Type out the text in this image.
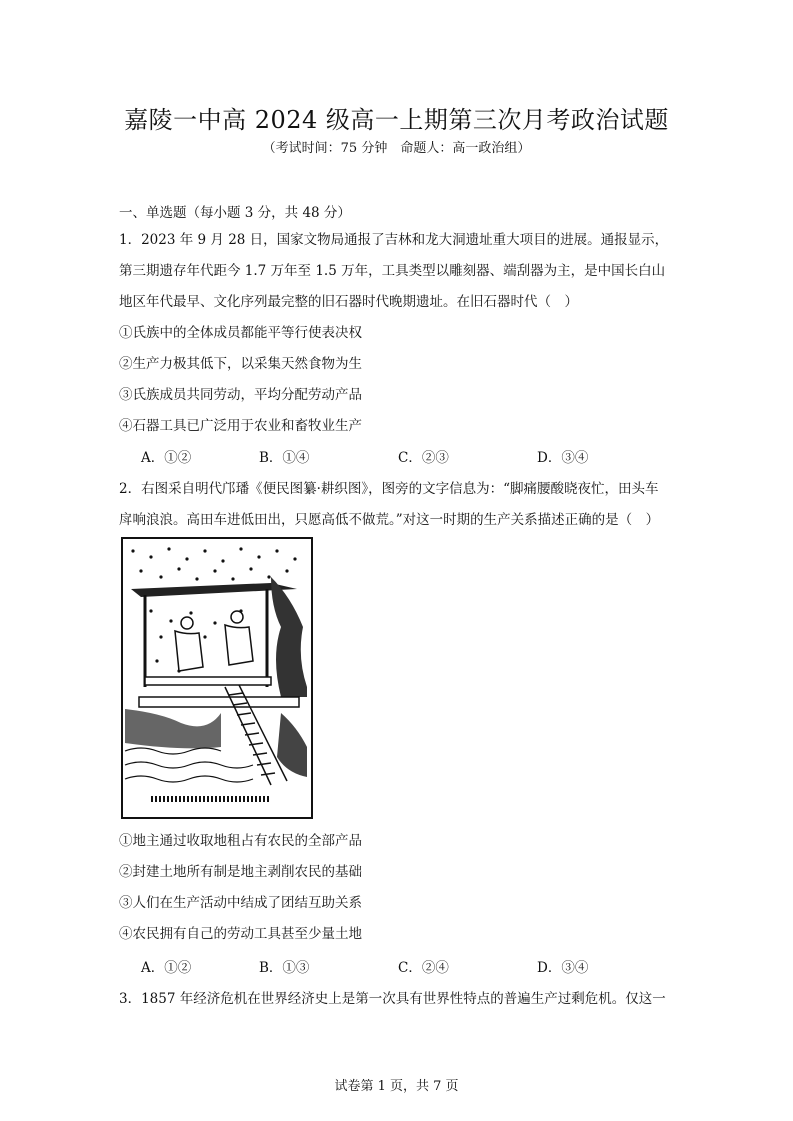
嘉陵一中高 2024 级高一上期第三次月考政治试题
（考试时间：75 分钟　命题人：高一政治组）
一、单选题（每小题 3 分，共 48 分）
1．2023 年 9 月 28 日，国家文物局通报了吉林和龙大洞遗址重大项目的进展。通报显示，
第三期遗存年代距今 1.7 万年至 1.5 万年，工具类型以雕刻器、端刮器为主，是中国长白山
地区年代最早、文化序列最完整的旧石器时代晚期遗址。在旧石器时代（　）
①氏族中的全体成员都能平等行使表决权
②生产力极其低下，以采集天然食物为生
③氏族成员共同劳动，平均分配劳动产品
④石器工具已广泛用于农业和畜牧业生产
A．①②	B．①④	C．②③	D．③④
2．右图采自明代邝璠《便民图纂·耕织图》，图旁的文字信息为：“脚痛腰酸晓夜忙，田头车
戽响浪浪。高田车进低田出，只愿高低不做荒。”对这一时期的生产关系描述正确的是（　）
①地主通过收取地租占有农民的全部产品
②封建土地所有制是地主剥削农民的基础
③人们在生产活动中结成了团结互助关系
④农民拥有自己的劳动工具甚至少量土地
A．①②	B．①③	C．②④	D．③④
3．1857 年经济危机在世界经济史上是第一次具有世界性特点的普遍生产过剩危机。仅这一
试卷第 1 页，共 7 页
